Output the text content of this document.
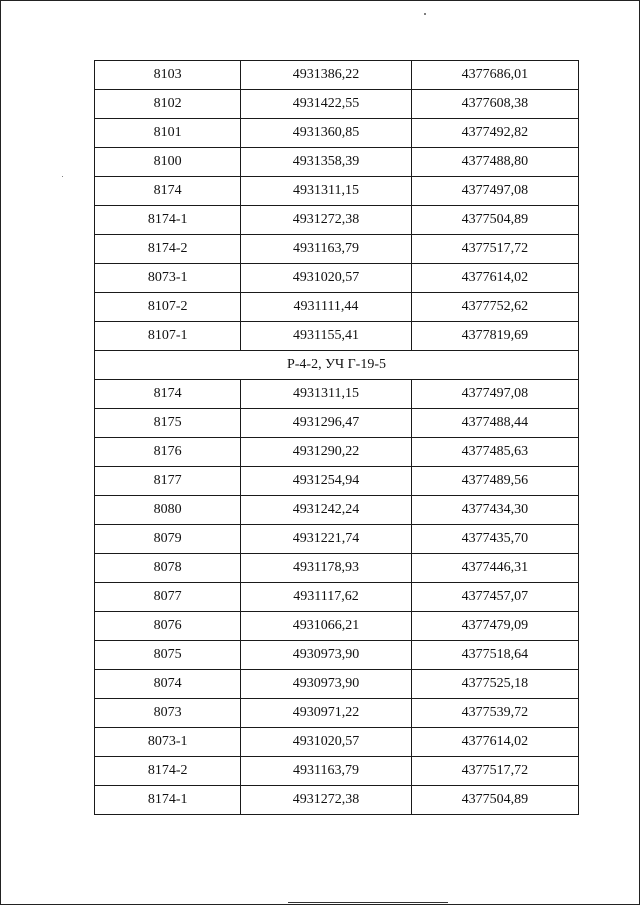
8103	4931386,22	4377686,01
8102	4931422,55	4377608,38
8101	4931360,85	4377492,82
8100	4931358,39	4377488,80
8174	4931311,15	4377497,08
8174-1	4931272,38	4377504,89
8174-2	4931163,79	4377517,72
8073-1	4931020,57	4377614,02
8107-2	4931111,44	4377752,62
8107-1	4931155,41	4377819,69
Р-4-2, УЧ Г-19-5		
8174	4931311,15	4377497,08
8175	4931296,47	4377488,44
8176	4931290,22	4377485,63
8177	4931254,94	4377489,56
8080	4931242,24	4377434,30
8079	4931221,74	4377435,70
8078	4931178,93	4377446,31
8077	4931117,62	4377457,07
8076	4931066,21	4377479,09
8075	4930973,90	4377518,64
8074	4930973,90	4377525,18
8073	4930971,22	4377539,72
8073-1	4931020,57	4377614,02
8174-2	4931163,79	4377517,72
8174-1	4931272,38	4377504,89
